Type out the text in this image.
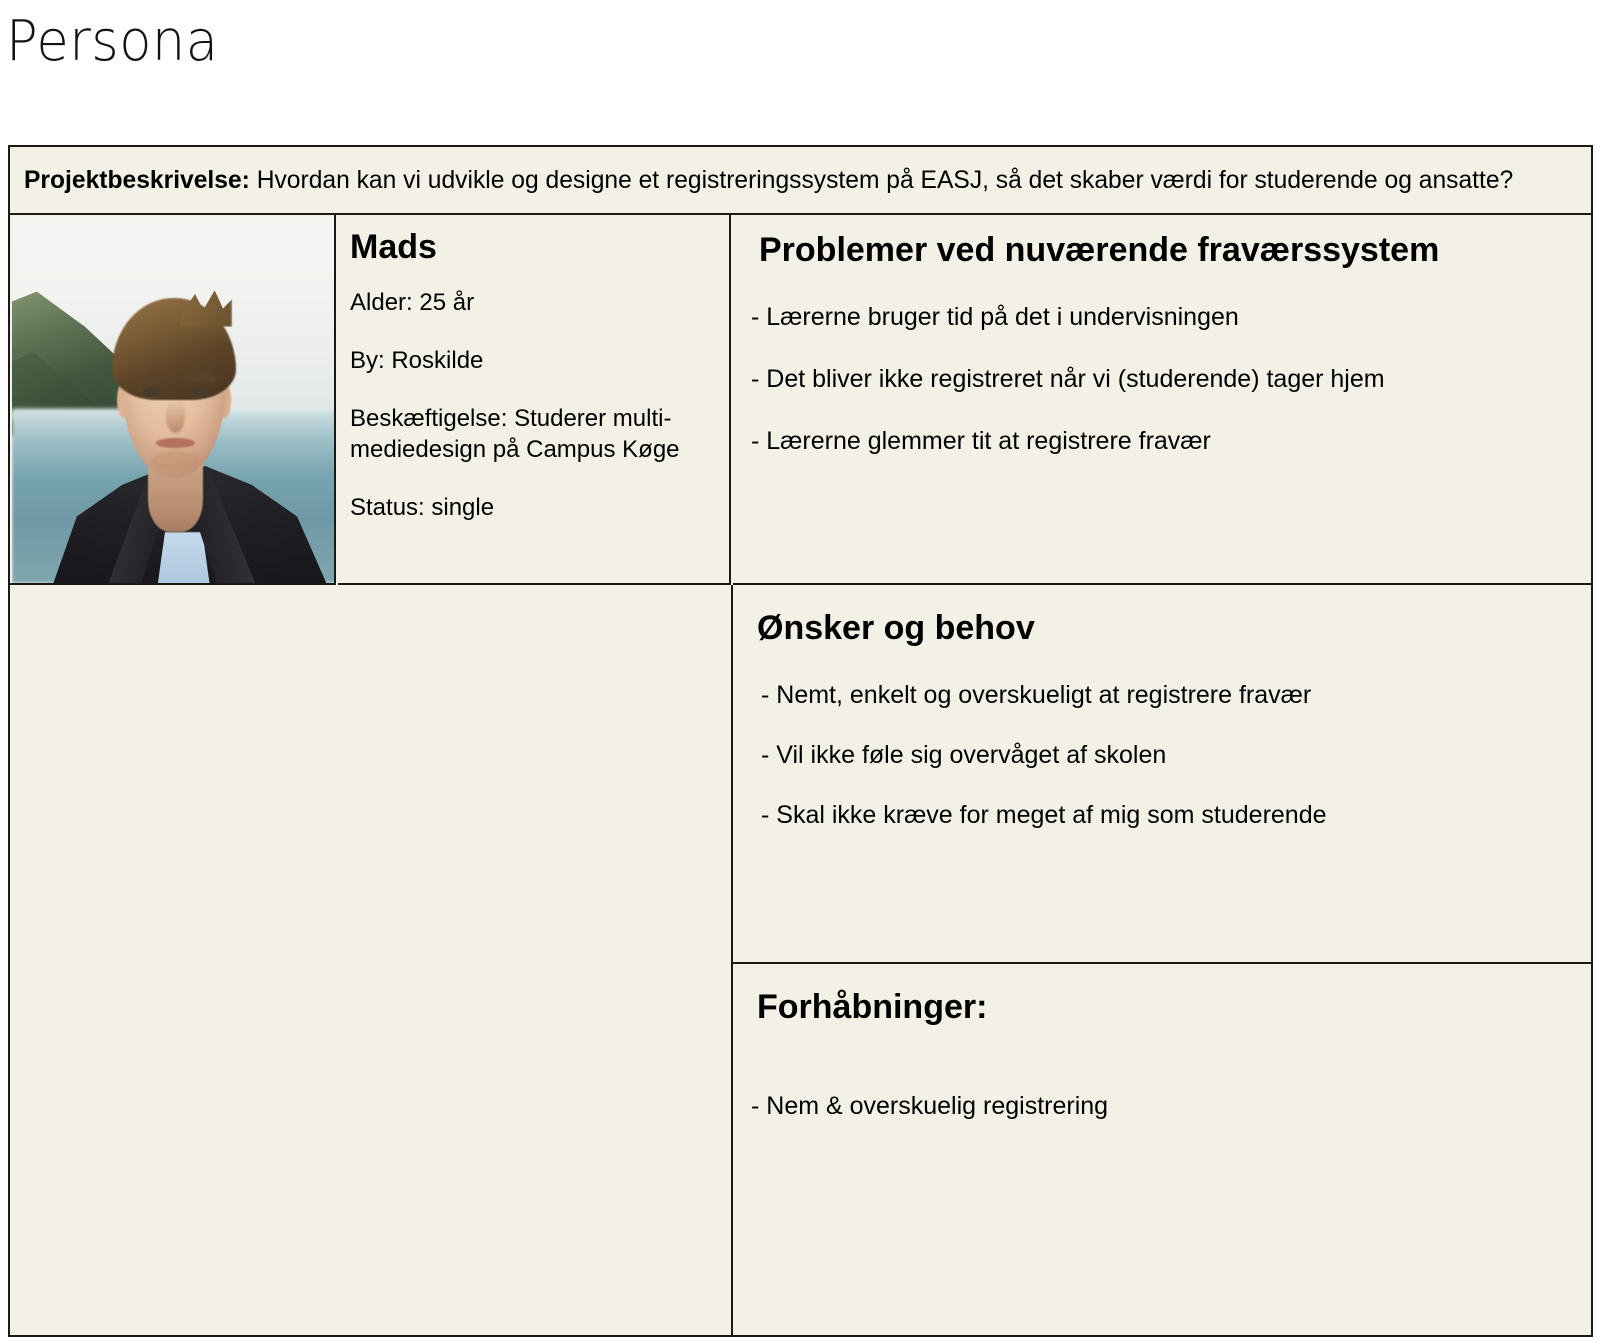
Persona
Projektbeskrivelse: Hvordan kan vi udvikle og designe et registreringssystem på EASJ, så det skaber værdi for studerende og ansatte?
Mads
Alder: 25 år
By: Roskilde
Beskæftigelse: Studerer multi-mediedesign på Campus Køge
Status: single
Problemer ved nuværende fraværssystem
- Lærerne bruger tid på det i undervisningen
- Det bliver ikke registreret når vi (studerende) tager hjem
- Lærerne glemmer tit at registrere fravær
Ønsker og behov
- Nemt, enkelt og overskueligt at registrere fravær
- Vil ikke føle sig overvåget af skolen
- Skal ikke kræve for meget af mig som studerende
Forhåbninger:
- Nem & overskuelig registrering
